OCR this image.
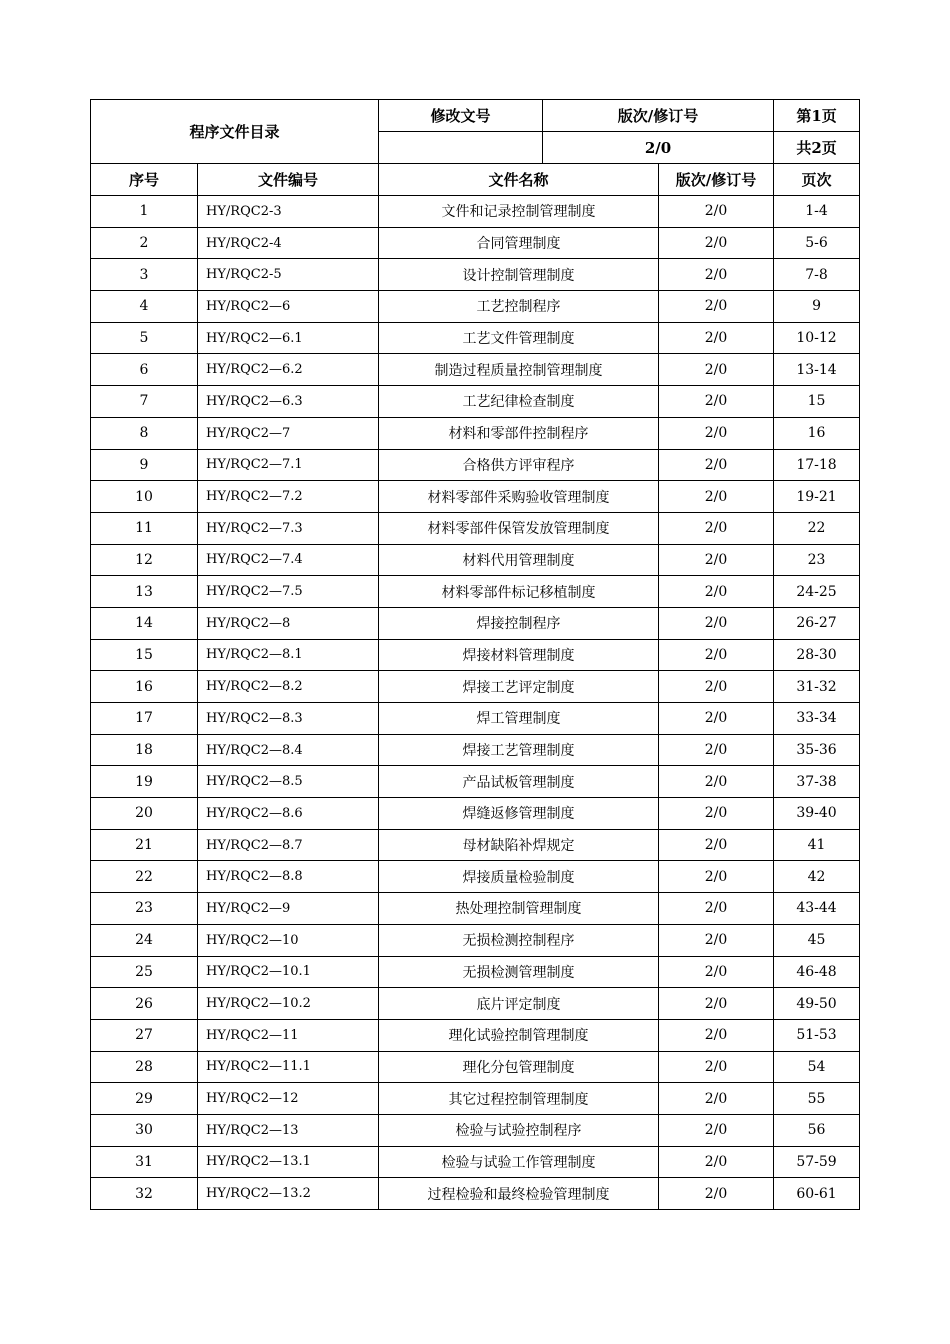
程序文件目录		修改文号	版次/修订号		第1页
			2/0		共2页
序号	文件编号	文件名称		版次/修订号	页次
1	HY/RQC2-3	文件和记录控制管理制度		2/0	1-4
2	HY/RQC2-4	合同管理制度		2/0	5-6
3	HY/RQC2-5	设计控制管理制度		2/0	7-8
4	HY/RQC2—6	工艺控制程序		2/0	9
5	HY/RQC2—6.1	工艺文件管理制度		2/0	10-12
6	HY/RQC2—6.2	制造过程质量控制管理制度		2/0	13-14
7	HY/RQC2—6.3	工艺纪律检查制度		2/0	15
8	HY/RQC2—7	材料和零部件控制程序		2/0	16
9	HY/RQC2—7.1	合格供方评审程序		2/0	17-18
10	HY/RQC2—7.2	材料零部件采购验收管理制度		2/0	19-21
11	HY/RQC2—7.3	材料零部件保管发放管理制度		2/0	22
12	HY/RQC2—7.4	材料代用管理制度		2/0	23
13	HY/RQC2—7.5	材料零部件标记移植制度		2/0	24-25
14	HY/RQC2—8	焊接控制程序		2/0	26-27
15	HY/RQC2—8.1	焊接材料管理制度		2/0	28-30
16	HY/RQC2—8.2	焊接工艺评定制度		2/0	31-32
17	HY/RQC2—8.3	焊工管理制度		2/0	33-34
18	HY/RQC2—8.4	焊接工艺管理制度		2/0	35-36
19	HY/RQC2—8.5	产品试板管理制度		2/0	37-38
20	HY/RQC2—8.6	焊缝返修管理制度		2/0	39-40
21	HY/RQC2—8.7	母材缺陷补焊规定		2/0	41
22	HY/RQC2—8.8	焊接质量检验制度		2/0	42
23	HY/RQC2—9	热处理控制管理制度		2/0	43-44
24	HY/RQC2—10	无损检测控制程序		2/0	45
25	HY/RQC2—10.1	无损检测管理制度		2/0	46-48
26	HY/RQC2—10.2	底片评定制度		2/0	49-50
27	HY/RQC2—11	理化试验控制管理制度		2/0	51-53
28	HY/RQC2—11.1	理化分包管理制度		2/0	54
29	HY/RQC2—12	其它过程控制管理制度		2/0	55
30	HY/RQC2—13	检验与试验控制程序		2/0	56
31	HY/RQC2—13.1	检验与试验工作管理制度		2/0	57-59
32	HY/RQC2—13.2	过程检验和最终检验管理制度		2/0	60-61
